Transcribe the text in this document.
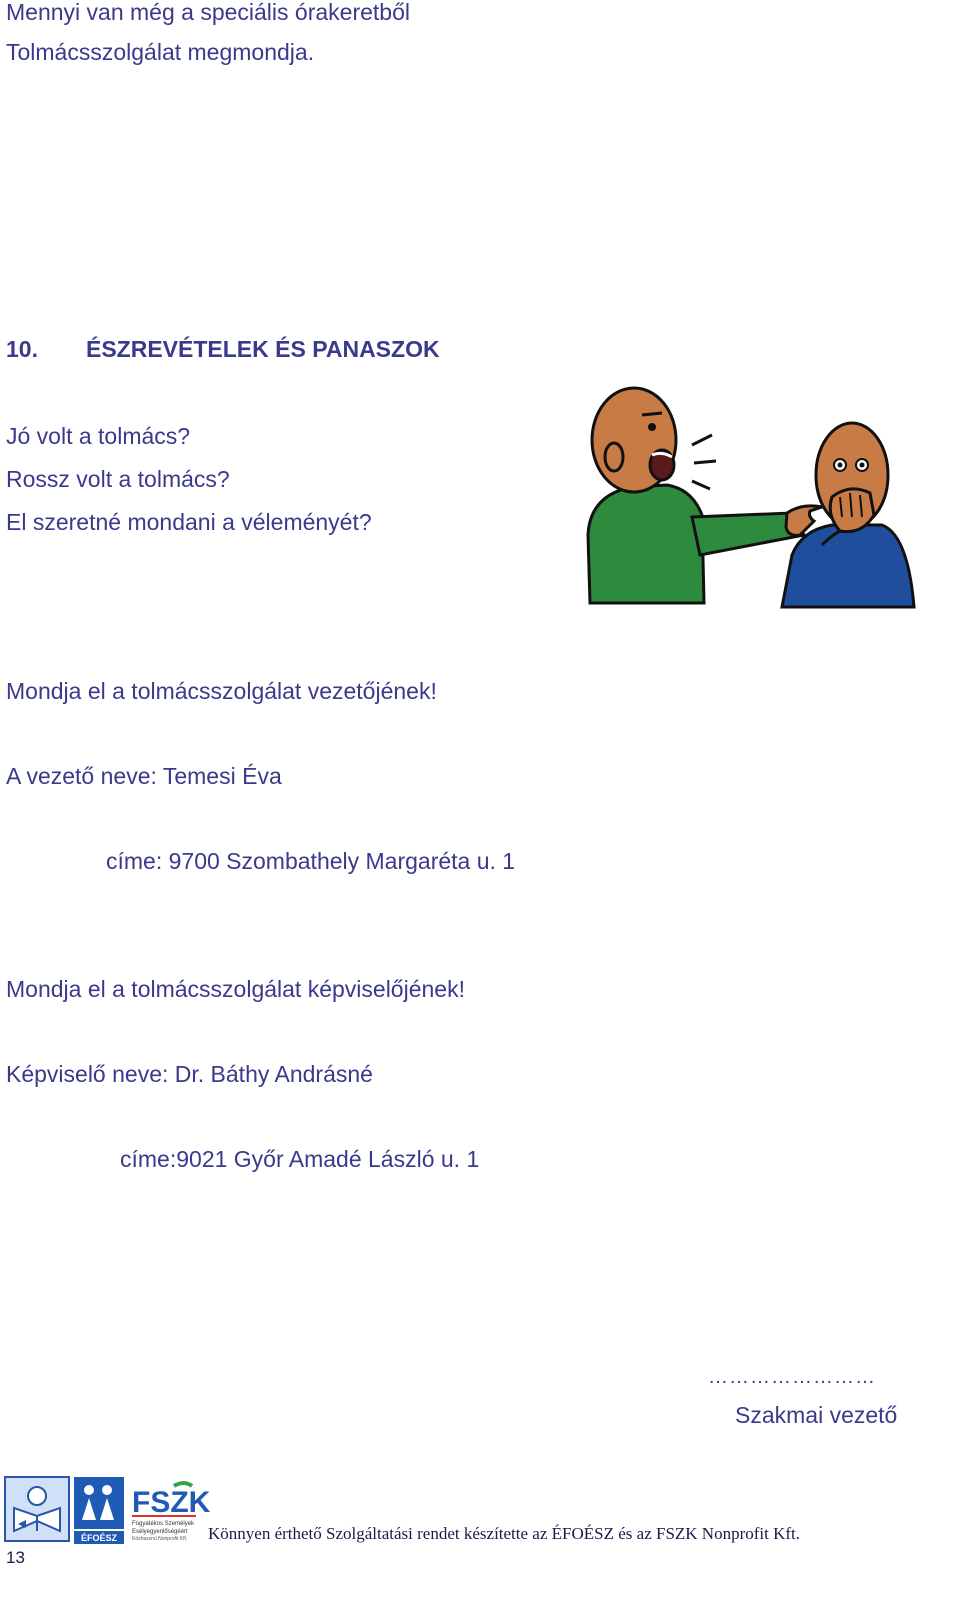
Mennyi van még a speciális órakeretből
Tolmácsszolgálat megmondja.
10. ÉSZREVÉTELEK ÉS PANASZOK
Jó volt a tolmács?
Rossz volt a tolmács?
El szeretné mondani a véleményét?
Mondja el a tolmácsszolgálat vezetőjének!
A vezető neve: Temesi Éva
címe: 9700 Szombathely Margaréta u. 1
Mondja el a tolmácsszolgálat képviselőjének!
Képviselő neve: Dr. Báthy Andrásné
címe:9021 Győr Amadé László u. 1
……………………
Szakmai vezető
ÉFOÉSZ
FSZK
Fogyatékos Személyek
Esélyegyenlőségéért
Közhasznú Nonprofit Kft. Könnyen érthető Szolgáltatási rendet készítette az ÉFOÉSZ és az FSZK Nonprofit Kft.
13
